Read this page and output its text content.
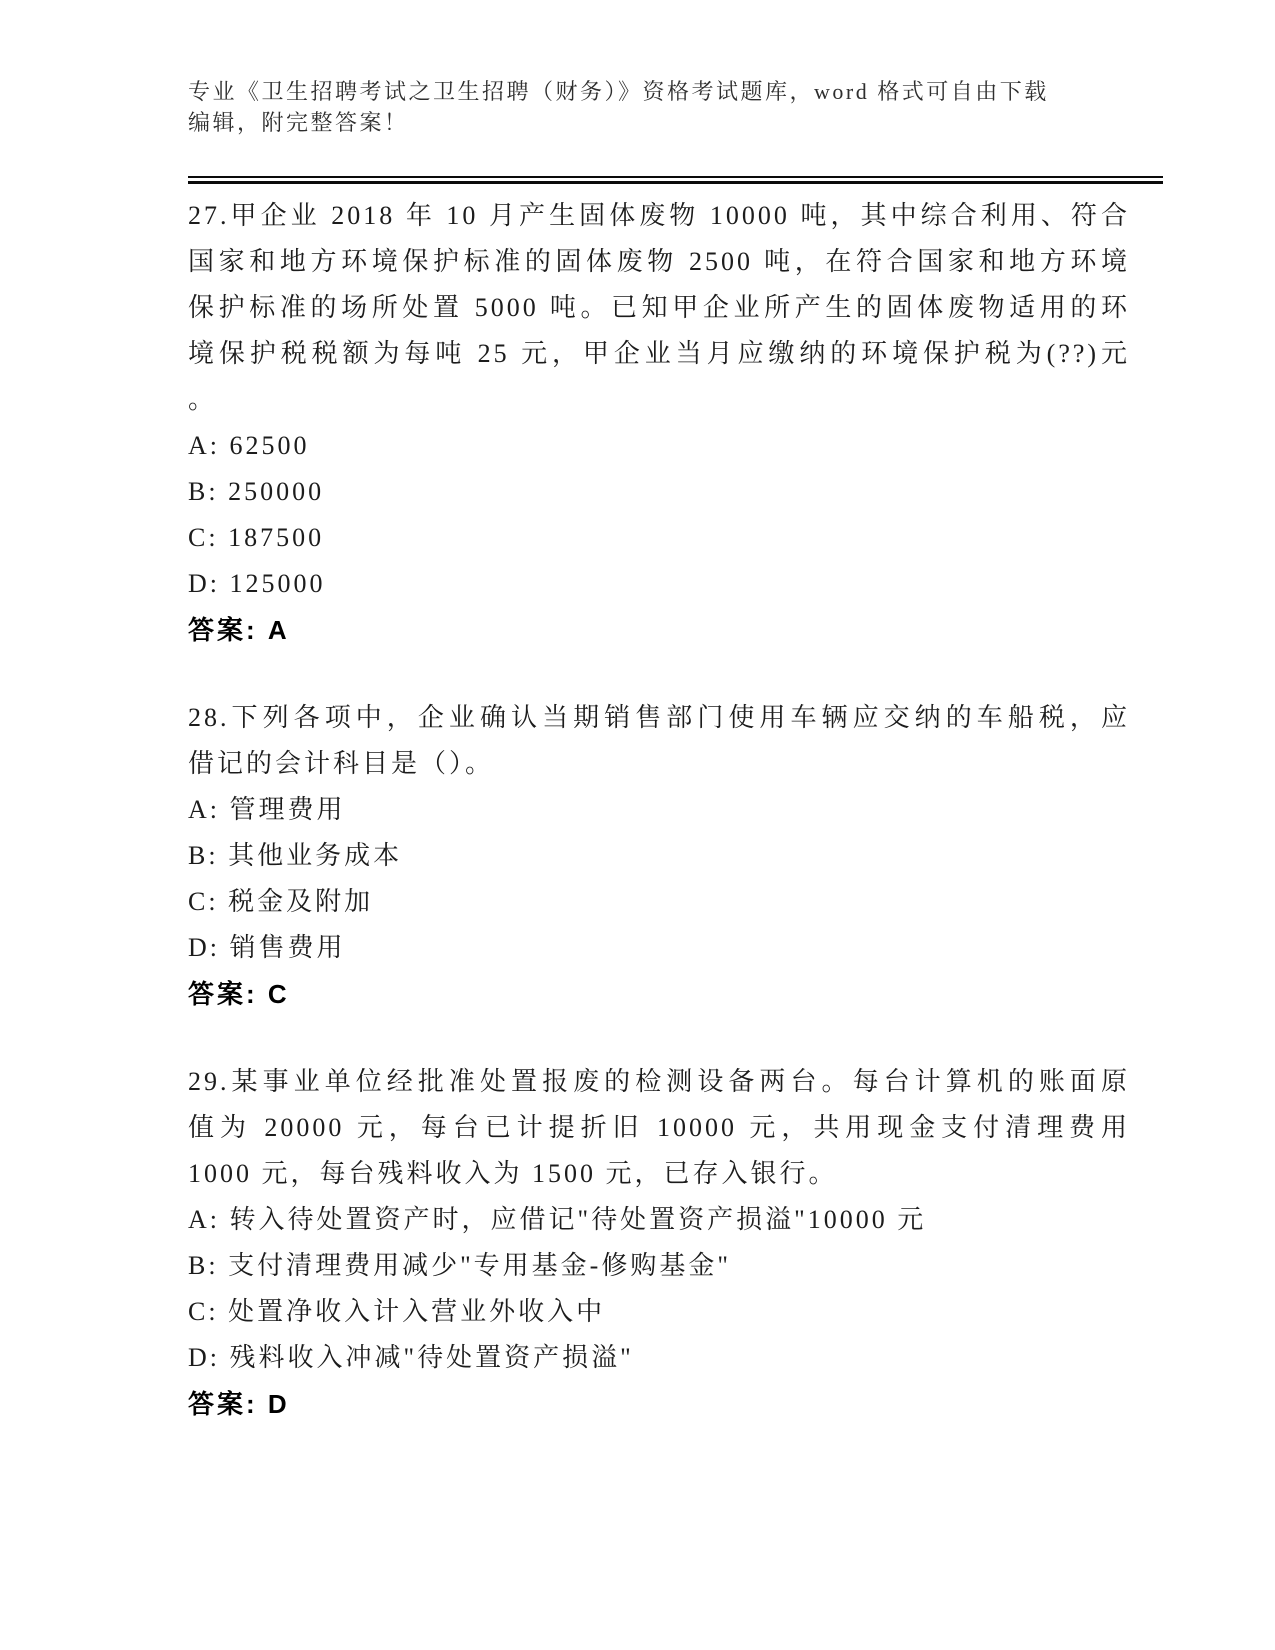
专业《卫生招聘考试之卫生招聘（财务）》资格考试题库，word 格式可自由下载
编辑，附完整答案！
27.甲企业 2018 年 10 月产生固体废物 10000 吨，其中综合利用、符合
国家和地方环境保护标准的固体废物 2500 吨，在符合国家和地方环境
保护标准的场所处置 5000 吨。已知甲企业所产生的固体废物适用的环
境保护税税额为每吨 25 元，甲企业当月应缴纳的环境保护税为(??)元
。
A: 62500
B: 250000
C: 187500
D: 125000
答案: A
28.下列各项中，企业确认当期销售部门使用车辆应交纳的车船税，应
借记的会计科目是（）。
A: 管理费用
B: 其他业务成本
C: 税金及附加
D: 销售费用
答案: C
29.某事业单位经批准处置报废的检测设备两台。每台计算机的账面原
值为 20000 元，每台已计提折旧 10000 元，共用现金支付清理费用
1000 元，每台残料收入为 1500 元，已存入银行。
A: 转入待处置资产时，应借记"待处置资产损溢"10000 元
B: 支付清理费用减少"专用基金-修购基金"
C: 处置净收入计入营业外收入中
D: 残料收入冲减"待处置资产损溢"
答案: D
